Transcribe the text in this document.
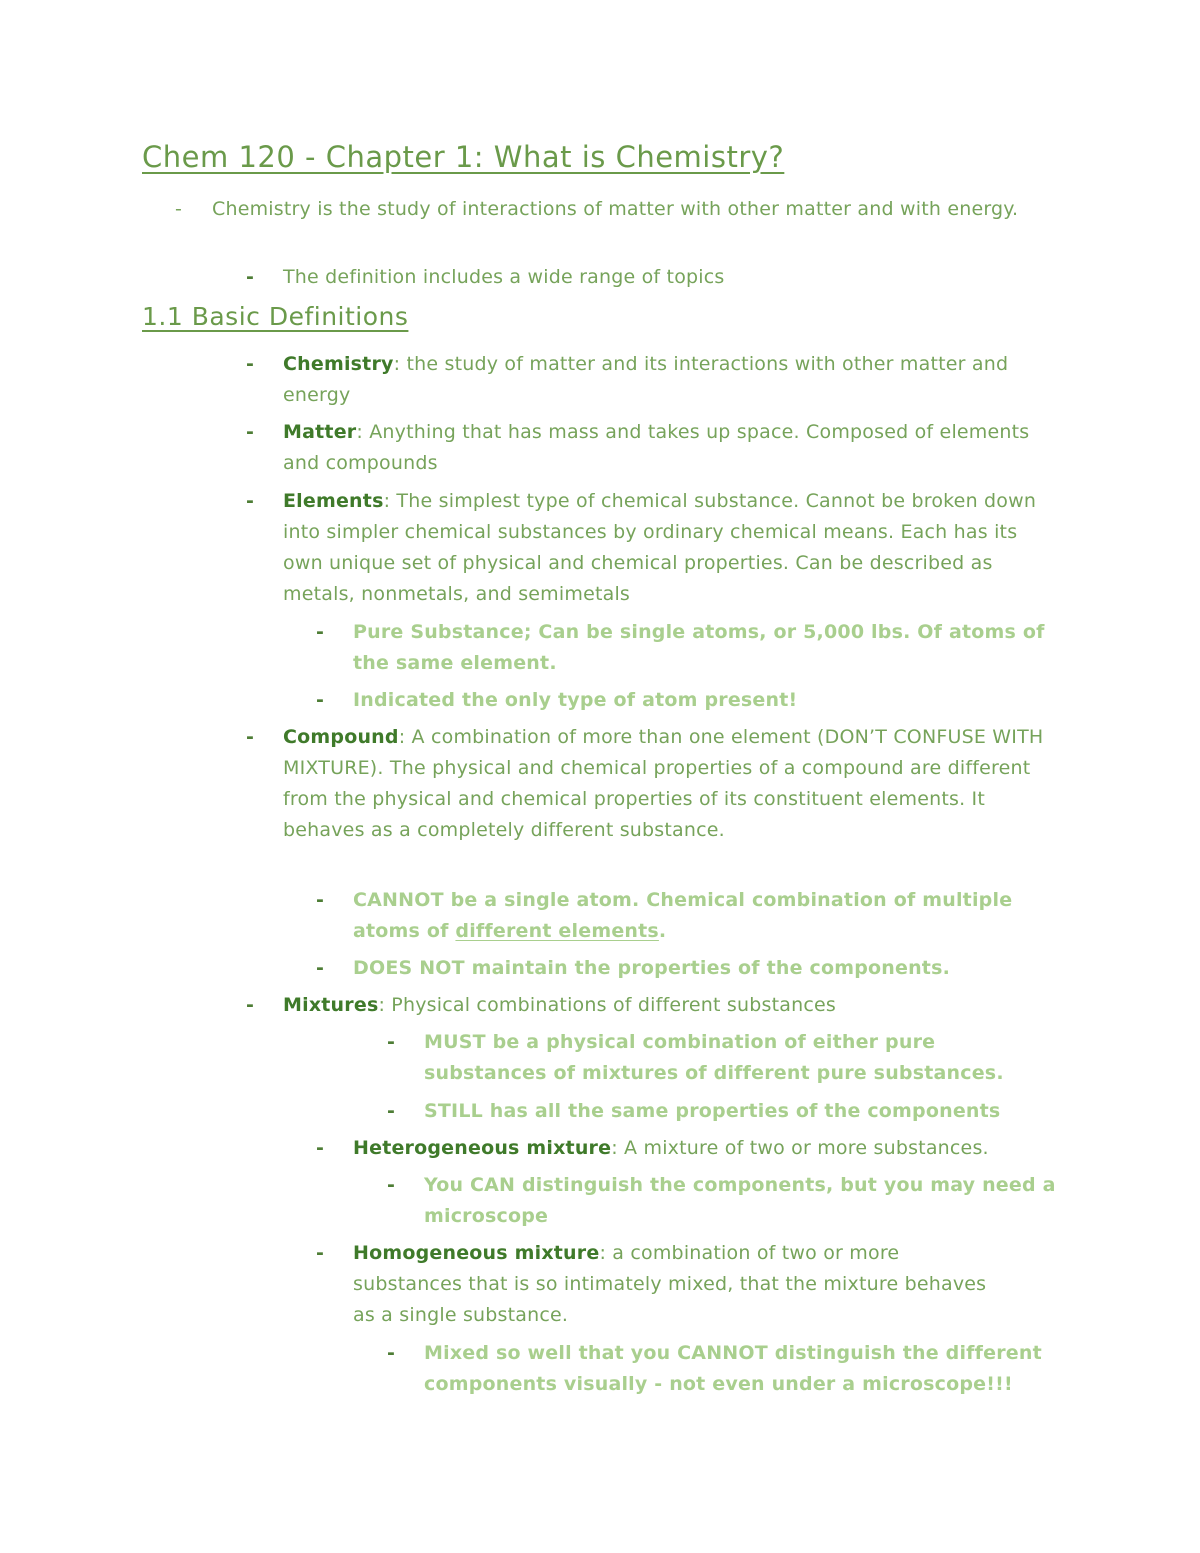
Chem 120 - Chapter 1: What is Chemistry?
- Chemistry is the study of interactions of matter with other matter and with energy.
- The definition includes a wide range of topics
1.1 Basic Definitions
- Chemistry: the study of matter and its interactions with other matter and energy
- Matter: Anything that has mass and takes up space. Composed of elements and compounds
- Elements: The simplest type of chemical substance. Cannot be broken down into simpler chemical substances by ordinary chemical means. Each has its own unique set of physical and chemical properties. Can be described as metals, nonmetals, and semimetals
- Pure Substance; Can be single atoms, or 5,000 lbs. Of atoms of the same element.
- Indicated the only type of atom present!
- Compound: A combination of more than one element (DON’T CONFUSE WITH MIXTURE). The physical and chemical properties of a compound are different from the physical and chemical properties of its constituent elements. It behaves as a completely different substance.
- CANNOT be a single atom. Chemical combination of multiple atoms of different elements.
- DOES NOT maintain the properties of the components.
- Mixtures: Physical combinations of different substances
- MUST be a physical combination of either pure substances of mixtures of different pure substances.
- STILL has all the same properties of the components
- Heterogeneous mixture: A mixture of two or more substances.
- You CAN distinguish the components, but you may need a microscope
- Homogeneous mixture: a combination of two or more substances that is so intimately mixed, that the mixture behaves as a single substance.
- Mixed so well that you CANNOT distinguish the different components visually - not even under a microscope!!!
